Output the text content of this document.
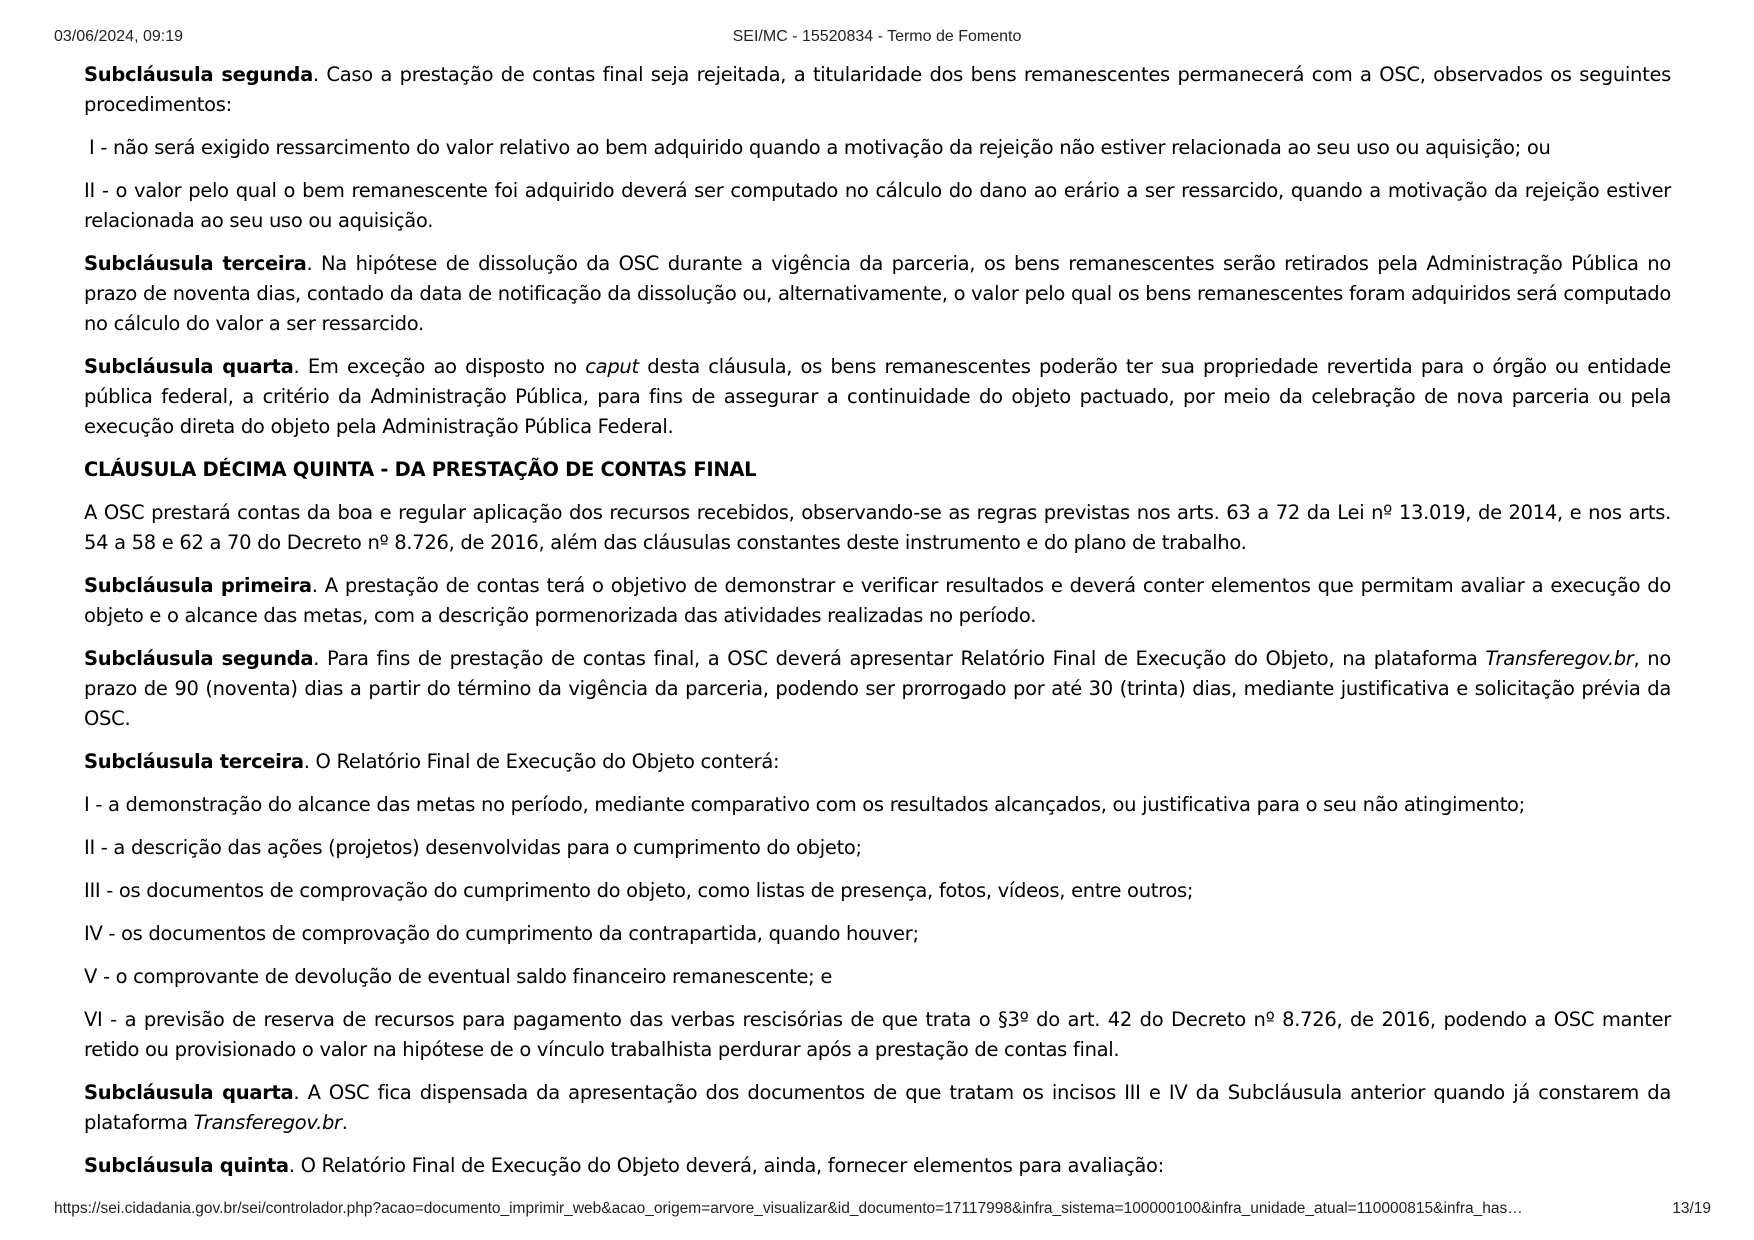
03/06/2024, 09:19	SEI/MC - 15520834 - Termo de Fomento

Subcláusula segunda. Caso a prestação de contas final seja rejeitada, a titularidade dos bens remanescentes permanecerá com a OSC, observados os seguintes procedimentos:

I - não será exigido ressarcimento do valor relativo ao bem adquirido quando a motivação da rejeição não estiver relacionada ao seu uso ou aquisição; ou

II - o valor pelo qual o bem remanescente foi adquirido deverá ser computado no cálculo do dano ao erário a ser ressarcido, quando a motivação da rejeição estiver relacionada ao seu uso ou aquisição.

Subcláusula terceira. Na hipótese de dissolução da OSC durante a vigência da parceria, os bens remanescentes serão retirados pela Administração Pública no prazo de noventa dias, contado da data de notificação da dissolução ou, alternativamente, o valor pelo qual os bens remanescentes foram adquiridos será computado no cálculo do valor a ser ressarcido.

Subcláusula quarta. Em exceção ao disposto no caput desta cláusula, os bens remanescentes poderão ter sua propriedade revertida para o órgão ou entidade pública federal, a critério da Administração Pública, para fins de assegurar a continuidade do objeto pactuado, por meio da celebração de nova parceria ou pela execução direta do objeto pela Administração Pública Federal.

CLÁUSULA DÉCIMA QUINTA - DA PRESTAÇÃO DE CONTAS FINAL

A OSC prestará contas da boa e regular aplicação dos recursos recebidos, observando-se as regras previstas nos arts. 63 a 72 da Lei nº 13.019, de 2014, e nos arts. 54 a 58 e 62 a 70 do Decreto nº 8.726, de 2016, além das cláusulas constantes deste instrumento e do plano de trabalho.

Subcláusula primeira. A prestação de contas terá o objetivo de demonstrar e verificar resultados e deverá conter elementos que permitam avaliar a execução do objeto e o alcance das metas, com a descrição pormenorizada das atividades realizadas no período.

Subcláusula segunda. Para fins de prestação de contas final, a OSC deverá apresentar Relatório Final de Execução do Objeto, na plataforma Transferegov.br, no prazo de 90 (noventa) dias a partir do término da vigência da parceria, podendo ser prorrogado por até 30 (trinta) dias, mediante justificativa e solicitação prévia da OSC.

Subcláusula terceira. O Relatório Final de Execução do Objeto conterá:

I - a demonstração do alcance das metas no período, mediante comparativo com os resultados alcançados, ou justificativa para o seu não atingimento;

II - a descrição das ações (projetos) desenvolvidas para o cumprimento do objeto;

III - os documentos de comprovação do cumprimento do objeto, como listas de presença, fotos, vídeos, entre outros;

IV - os documentos de comprovação do cumprimento da contrapartida, quando houver;

V - o comprovante de devolução de eventual saldo financeiro remanescente; e

VI - a previsão de reserva de recursos para pagamento das verbas rescisórias de que trata o §3º do art. 42 do Decreto nº 8.726, de 2016, podendo a OSC manter retido ou provisionado o valor na hipótese de o vínculo trabalhista perdurar após a prestação de contas final.

Subcláusula quarta. A OSC fica dispensada da apresentação dos documentos de que tratam os incisos III e IV da Subcláusula anterior quando já constarem da plataforma Transferegov.br.

Subcláusula quinta. O Relatório Final de Execução do Objeto deverá, ainda, fornecer elementos para avaliação:

https://sei.cidadania.gov.br/sei/controlador.php?acao=documento_imprimir_web&acao_origem=arvore_visualizar&id_documento=17117998&infra_sistema=100000100&infra_unidade_atual=110000815&infra_has…	13/19
